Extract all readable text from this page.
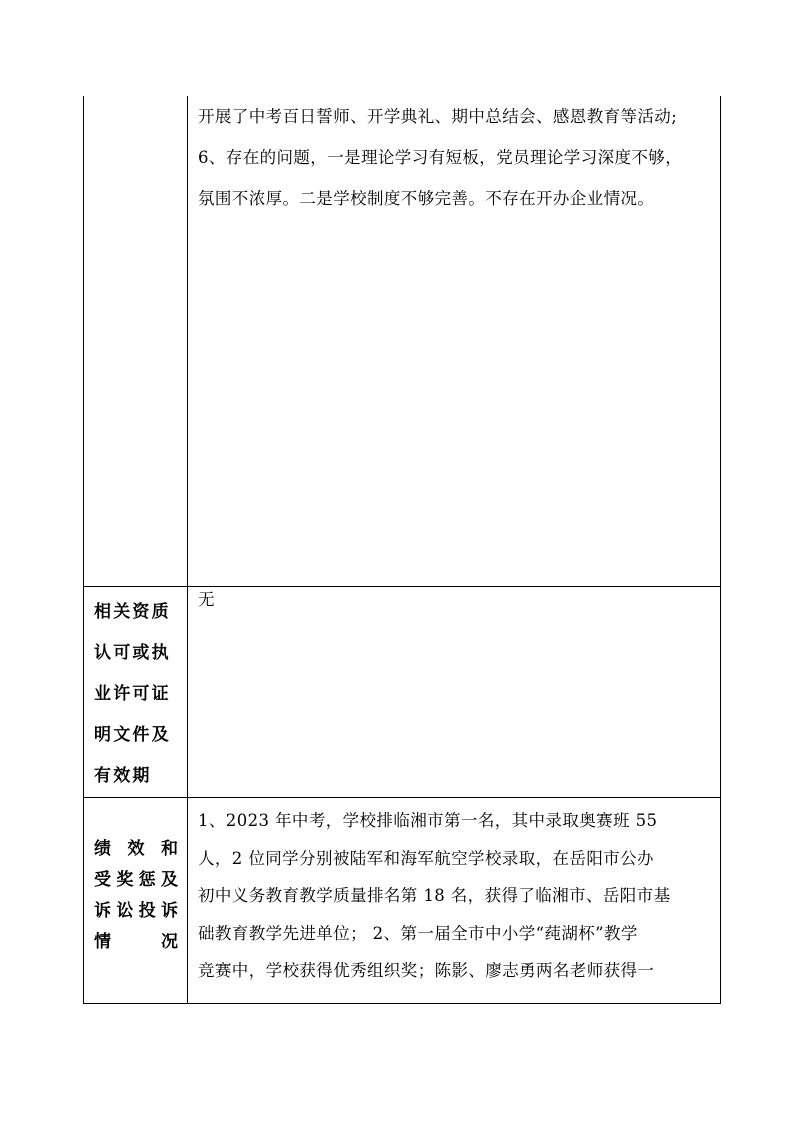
开展了中考百日誓师、开学典礼、期中总结会、感恩教育等活动;
6、存在的问题，一是理论学习有短板，党员理论学习深度不够，
氛围不浓厚。二是学校制度不够完善。不存在开办企业情况。

相关资质
认可或执
业许可证
明文件及
有效期

无

绩效和
受奖惩及
诉讼投诉
情况

1、2023 年中考，学校排临湘市第一名，其中录取奥赛班 55
人，2 位同学分别被陆军和海军航空学校录取，在岳阳市公办
初中义务教育教学质量排名第 18 名，获得了临湘市、岳阳市基
础教育教学先进单位； 2、第一届全市中小学“莼湖杯”教学
竞赛中，学校获得优秀组织奖；陈影、廖志勇两名老师获得一
